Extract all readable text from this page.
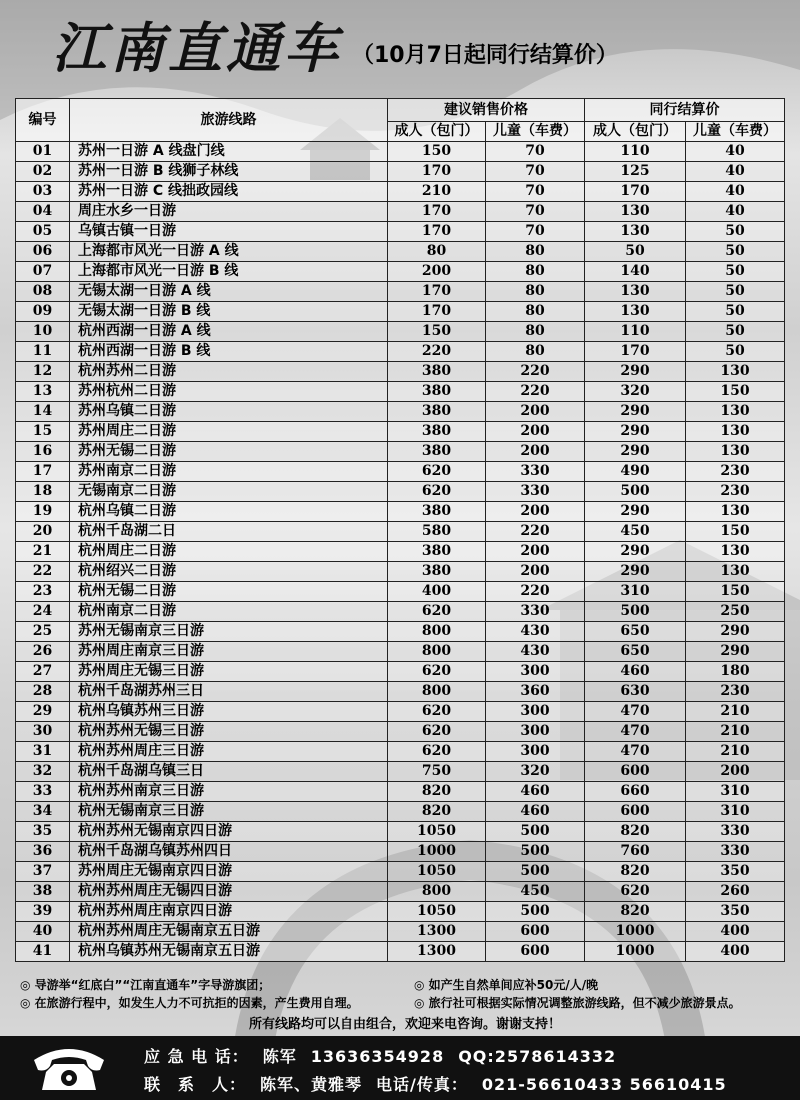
江南直通车 （10月7日起同行结算价）
编号	旅游线路	建议销售价格		同行结算价	
		成人（包门）	儿童（车费）	成人（包门）	儿童（车费）
01	苏州一日游 A 线盘门线	150	70	110	40
02	苏州一日游 B 线狮子林线	170	70	125	40
03	苏州一日游 C 线拙政园线	210	70	170	40
04	周庄水乡一日游	170	70	130	40
05	乌镇古镇一日游	170	70	130	50
06	上海都市风光一日游 A 线	80	80	50	50
07	上海都市风光一日游 B 线	200	80	140	50
08	无锡太湖一日游 A 线	170	80	130	50
09	无锡太湖一日游 B 线	170	80	130	50
10	杭州西湖一日游 A 线	150	80	110	50
11	杭州西湖一日游 B 线	220	80	170	50
12	杭州苏州二日游	380	220	290	130
13	苏州杭州二日游	380	220	320	150
14	苏州乌镇二日游	380	200	290	130
15	苏州周庄二日游	380	200	290	130
16	苏州无锡二日游	380	200	290	130
17	苏州南京二日游	620	330	490	230
18	无锡南京二日游	620	330	500	230
19	杭州乌镇二日游	380	200	290	130
20	杭州千岛湖二日	580	220	450	150
21	杭州周庄二日游	380	200	290	130
22	杭州绍兴二日游	380	200	290	130
23	杭州无锡二日游	400	220	310	150
24	杭州南京二日游	620	330	500	250
25	苏州无锡南京三日游	800	430	650	290
26	苏州周庄南京三日游	800	430	650	290
27	苏州周庄无锡三日游	620	300	460	180
28	杭州千岛湖苏州三日	800	360	630	230
29	杭州乌镇苏州三日游	620	300	470	210
30	杭州苏州无锡三日游	620	300	470	210
31	杭州苏州周庄三日游	620	300	470	210
32	杭州千岛湖乌镇三日	750	320	600	200
33	杭州苏州南京三日游	820	460	660	310
34	杭州无锡南京三日游	820	460	600	310
35	杭州苏州无锡南京四日游	1050	500	820	330
36	杭州千岛湖乌镇苏州四日	1000	500	760	330
37	苏州周庄无锡南京四日游	1050	500	820	350
38	杭州苏州周庄无锡四日游	800	450	620	260
39	杭州苏州周庄南京四日游	1050	500	820	350
40	杭州苏州周庄无锡南京五日游	1300	600	1000	400
41	杭州乌镇苏州无锡南京五日游	1300	600	1000	400
◎ 导游举“红底白”“江南直通车”字导游旗团；	◎ 如产生自然单间应补50元/人/晚
◎ 在旅游行程中，如发生人力不可抗拒的因素，产生费用自理。	◎ 旅行社可根据实际情况调整旅游线路，但不减少旅游景点。
所有线路均可以自由组合，欢迎来电咨询。谢谢支持！
应 急 电 话： 陈军 13636354928 QQ:2578614332
联　系　人： 陈军、黄雅琴 电话/传真： 021-56610433 56610415
